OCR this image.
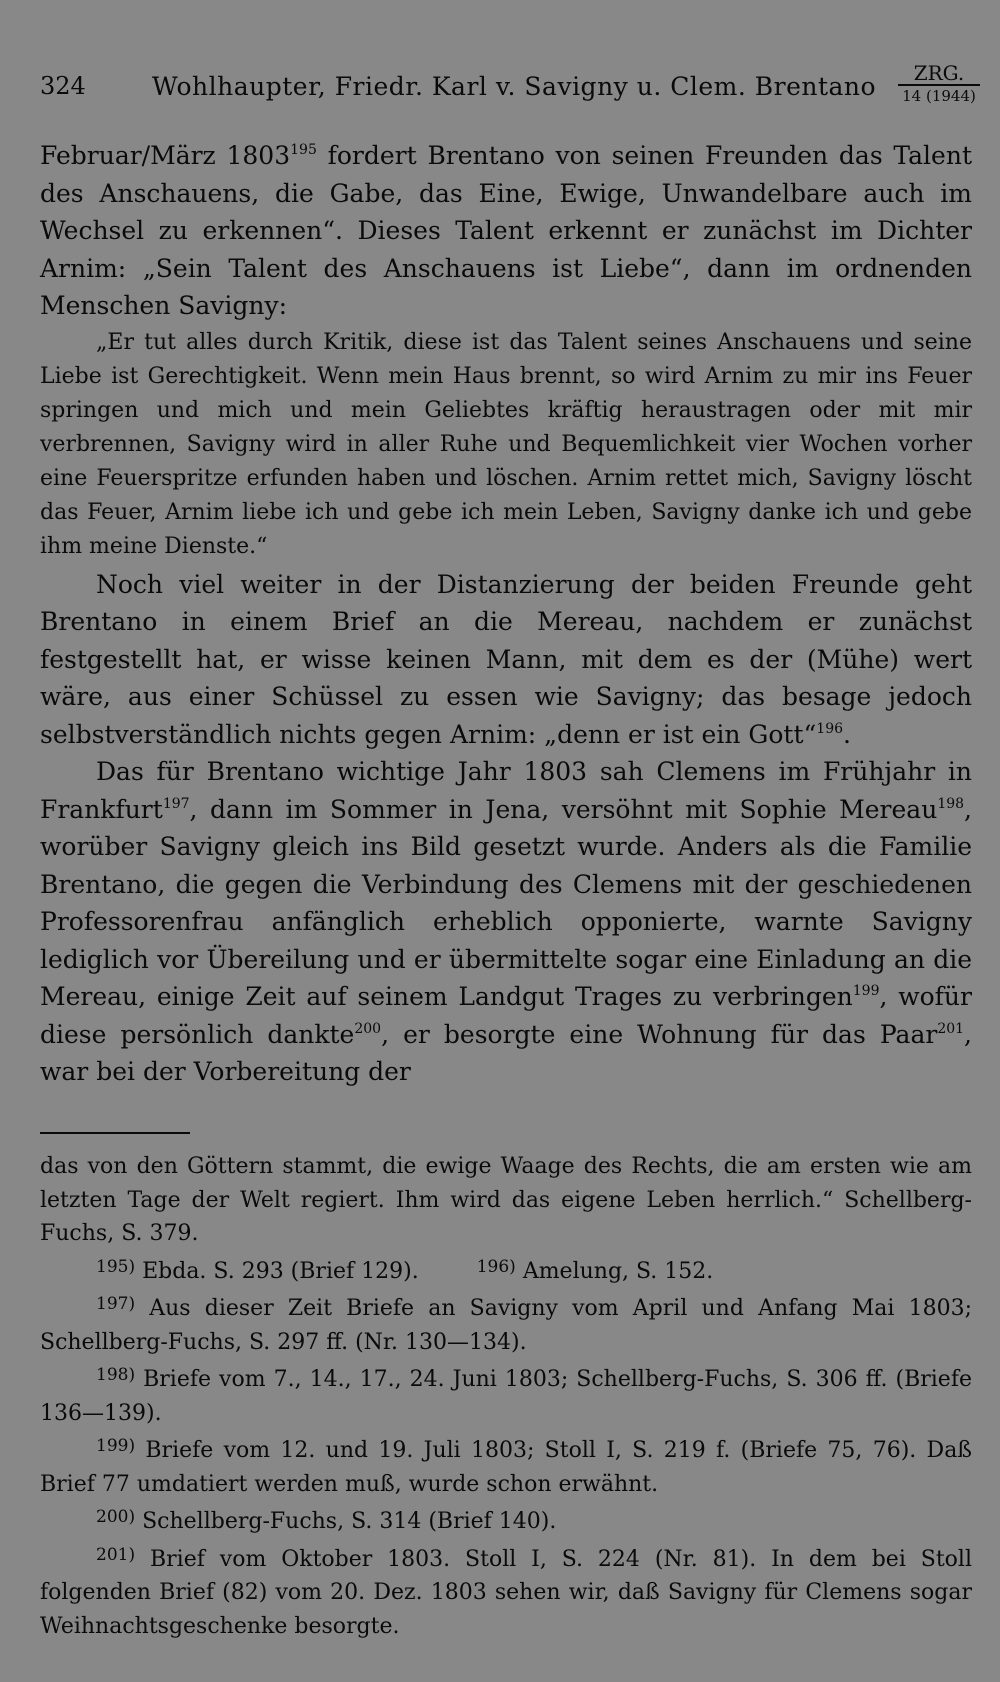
324	Wohlhaupter, Friedr. Karl v. Savigny u. Clem. Brentano	ZRG.
14 (1944)

Februar/März 1803$^{195}$ fordert Brentano von seinen Freunden das Talent des Anschauens, die Gabe, das Eine, Ewige, Unwandelbare auch im Wechsel zu erkennen“. Dieses Talent erkennt er zunächst im Dichter Arnim: „Sein Talent des Anschauens ist Liebe“, dann im ordnenden Menschen Savigny:

„Er tut alles durch Kritik, diese ist das Talent seines Anschauens und seine Liebe ist Gerechtigkeit. Wenn mein Haus brennt, so wird Arnim zu mir ins Feuer springen und mich und mein Geliebtes kräftig heraustragen oder mit mir verbrennen, Savigny wird in aller Ruhe und Bequemlichkeit vier Wochen vorher eine Feuerspritze erfunden haben und löschen. Arnim rettet mich, Savigny löscht das Feuer, Arnim liebe ich und gebe ich mein Leben, Savigny danke ich und gebe ihm meine Dienste.“

Noch viel weiter in der Distanzierung der beiden Freunde geht Brentano in einem Brief an die Mereau, nachdem er zunächst festgestellt hat, er wisse keinen Mann, mit dem es der (Mühe) wert wäre, aus einer Schüssel zu essen wie Savigny; das besage jedoch selbstverständlich nichts gegen Arnim: „denn er ist ein Gott“$^{196}$.

Das für Brentano wichtige Jahr 1803 sah Clemens im Frühjahr in Frankfurt$^{197}$, dann im Sommer in Jena, versöhnt mit Sophie Mereau$^{198}$, worüber Savigny gleich ins Bild gesetzt wurde. Anders als die Familie Brentano, die gegen die Verbindung des Clemens mit der geschiedenen Professorenfrau anfänglich erheblich opponierte, warnte Savigny lediglich vor Übereilung und er übermittelte sogar eine Einladung an die Mereau, einige Zeit auf seinem Landgut Trages zu verbringen$^{199}$, wofür diese persönlich dankte$^{200}$, er besorgte eine Wohnung für das Paar$^{201}$, war bei der Vorbereitung der

das von den Göttern stammt, die ewige Waage des Rechts, die am ersten wie am letzten Tage der Welt regiert. Ihm wird das eigene Leben herrlich.“ Schellberg-Fuchs, S. 379.

$^{195)}$ Ebda. S. 293 (Brief 129).	$^{196)}$ Amelung, S. 152.

$^{197)}$ Aus dieser Zeit Briefe an Savigny vom April und Anfang Mai 1803; Schellberg-Fuchs, S. 297 ff. (Nr. 130—134).

$^{198)}$ Briefe vom 7., 14., 17., 24. Juni 1803; Schellberg-Fuchs, S. 306 ff. (Briefe 136—139).

$^{199)}$ Briefe vom 12. und 19. Juli 1803; Stoll I, S. 219 f. (Briefe 75, 76). Daß Brief 77 umdatiert werden muß, wurde schon erwähnt.

$^{200)}$ Schellberg-Fuchs, S. 314 (Brief 140).

$^{201)}$ Brief vom Oktober 1803. Stoll I, S. 224 (Nr. 81). In dem bei Stoll folgenden Brief (82) vom 20. Dez. 1803 sehen wir, daß Savigny für Clemens sogar Weihnachtsgeschenke besorgte.
